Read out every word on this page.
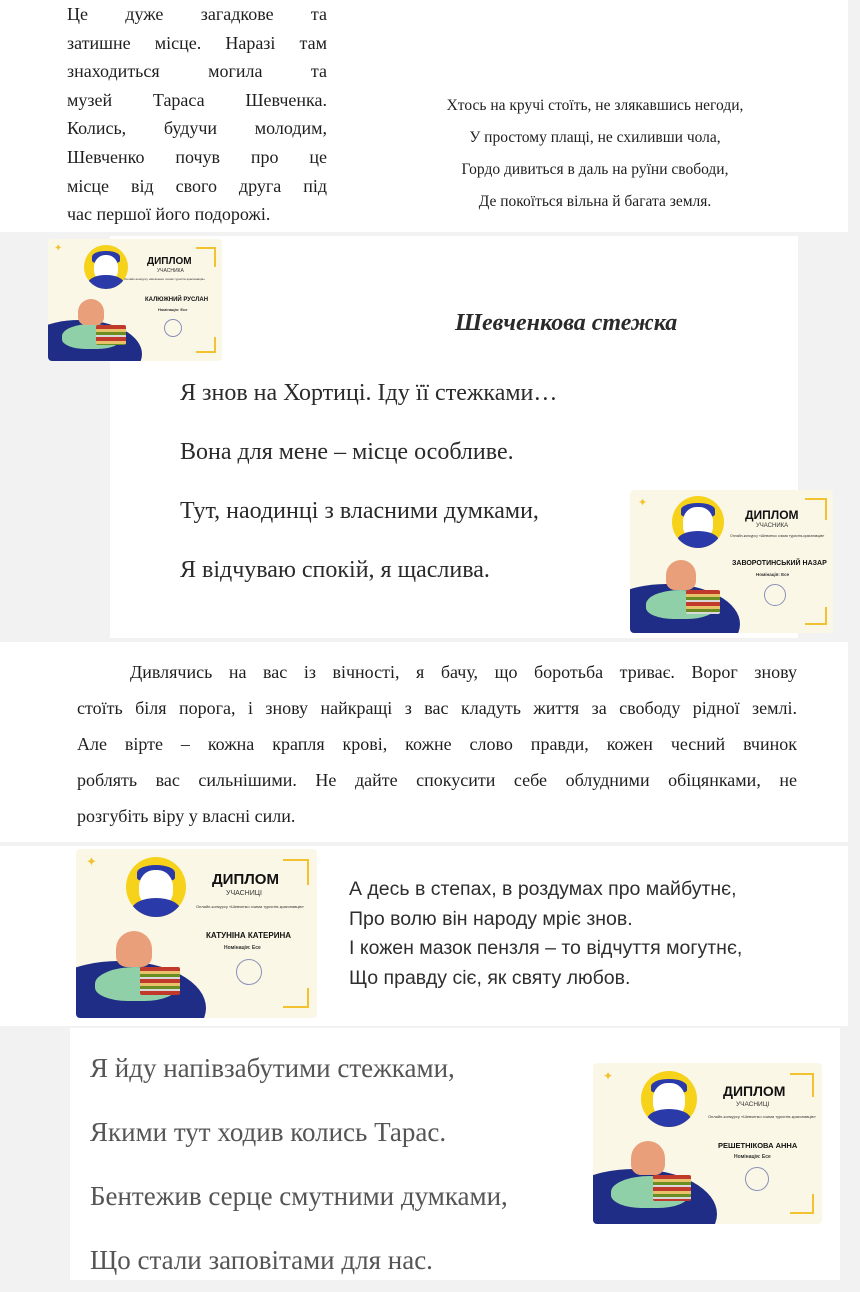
Це дуже загадкове та

затишне місце. Наразі там

знаходиться могила та

музей Тараса Шевченка.

Колись, будучи молодим,

Шевченко почув про це

місце від свого друга під

час першої його подорожі.

Хтось на кручі стоїть, не злякавшись негоди,
У простому плащі, не схиливши чола,
Гордо дивиться в даль на руїни свободи,
Де покоїться вільна й багата земля.
Шевченкова стежка
Я знов на Хортиці. Іду її стежками…
Вона для мене – місце особливе.
Тут, наодинці з власними думками,
Я відчуваю спокій, я щаслива.

Дивлячись на вас із вічності, я бачу, що боротьба триває. Ворог знову

стоїть біля порога, і знову найкращі з вас кладуть життя за свободу рідної землі.

Але вірте – кожна крапля крові, кожне слово правди, кожен чесний вчинок

роблять вас сильнішими. Не дайте спокусити себе облудними обіцянками, не

розгубіть віру у власні сили.

А десь в степах, в роздумах про майбутнє,
Про волю він народу мріє знов.
І кожен мазок пензля – то відчуття могутнє,
Що правду сіє, як святу любов.
Я йду напівзабутими стежками,
Якими тут ходив колись Тарас.
Бентежив серце смутними думками,
Що стали заповітами для нас.
✦
ДИПЛОМ
УЧАСНИКА
Онлайн-конкурсу «Шевченко очима туристів-краєзнавців»
КАЛЮЖНИЙ РУСЛАН
Номінація: Есе
✦
ДИПЛОМ
УЧАСНИКА
Онлайн-конкурсу «Шевченко очима туристів-краєзнавців»
ЗАВОРОТИНСЬКИЙ НАЗАР
Номінація: Есе
✦
ДИПЛОМ
УЧАСНИЦІ
Онлайн-конкурсу «Шевченко очима туристів-краєзнавців»
КАТУНІНА КАТЕРИНА
Номінація: Есе
✦
ДИПЛОМ
УЧАСНИЦІ
Онлайн-конкурсу «Шевченко очима туристів-краєзнавців»
РЕШЕТНІКОВА АННА
Номінація: Есе
